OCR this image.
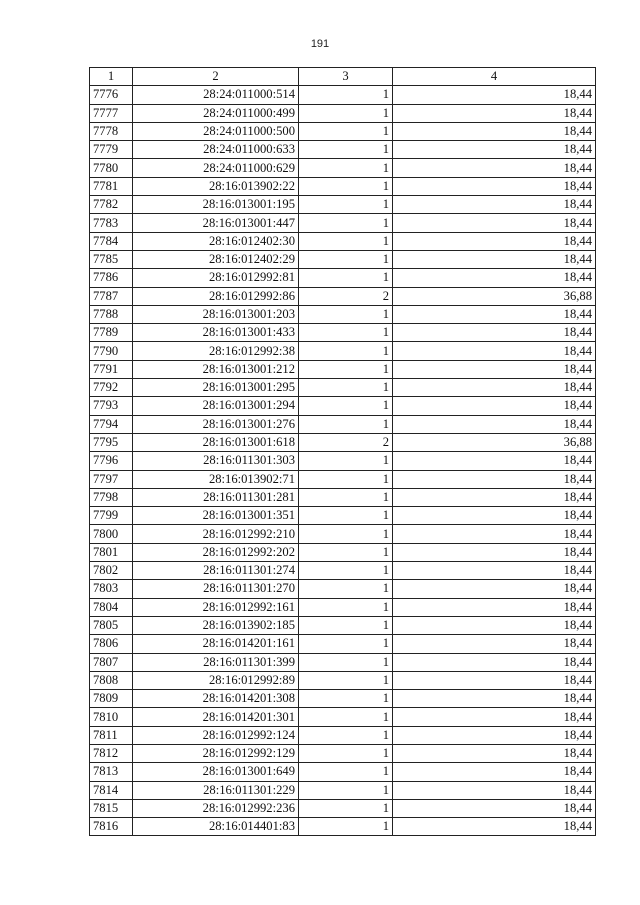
191
1	2	3	4
7776	28:24:011000:514	1	18,44
7777	28:24:011000:499	1	18,44
7778	28:24:011000:500	1	18,44
7779	28:24:011000:633	1	18,44
7780	28:24:011000:629	1	18,44
7781	28:16:013902:22	1	18,44
7782	28:16:013001:195	1	18,44
7783	28:16:013001:447	1	18,44
7784	28:16:012402:30	1	18,44
7785	28:16:012402:29	1	18,44
7786	28:16:012992:81	1	18,44
7787	28:16:012992:86	2	36,88
7788	28:16:013001:203	1	18,44
7789	28:16:013001:433	1	18,44
7790	28:16:012992:38	1	18,44
7791	28:16:013001:212	1	18,44
7792	28:16:013001:295	1	18,44
7793	28:16:013001:294	1	18,44
7794	28:16:013001:276	1	18,44
7795	28:16:013001:618	2	36,88
7796	28:16:011301:303	1	18,44
7797	28:16:013902:71	1	18,44
7798	28:16:011301:281	1	18,44
7799	28:16:013001:351	1	18,44
7800	28:16:012992:210	1	18,44
7801	28:16:012992:202	1	18,44
7802	28:16:011301:274	1	18,44
7803	28:16:011301:270	1	18,44
7804	28:16:012992:161	1	18,44
7805	28:16:013902:185	1	18,44
7806	28:16:014201:161	1	18,44
7807	28:16:011301:399	1	18,44
7808	28:16:012992:89	1	18,44
7809	28:16:014201:308	1	18,44
7810	28:16:014201:301	1	18,44
7811	28:16:012992:124	1	18,44
7812	28:16:012992:129	1	18,44
7813	28:16:013001:649	1	18,44
7814	28:16:011301:229	1	18,44
7815	28:16:012992:236	1	18,44
7816	28:16:014401:83	1	18,44
